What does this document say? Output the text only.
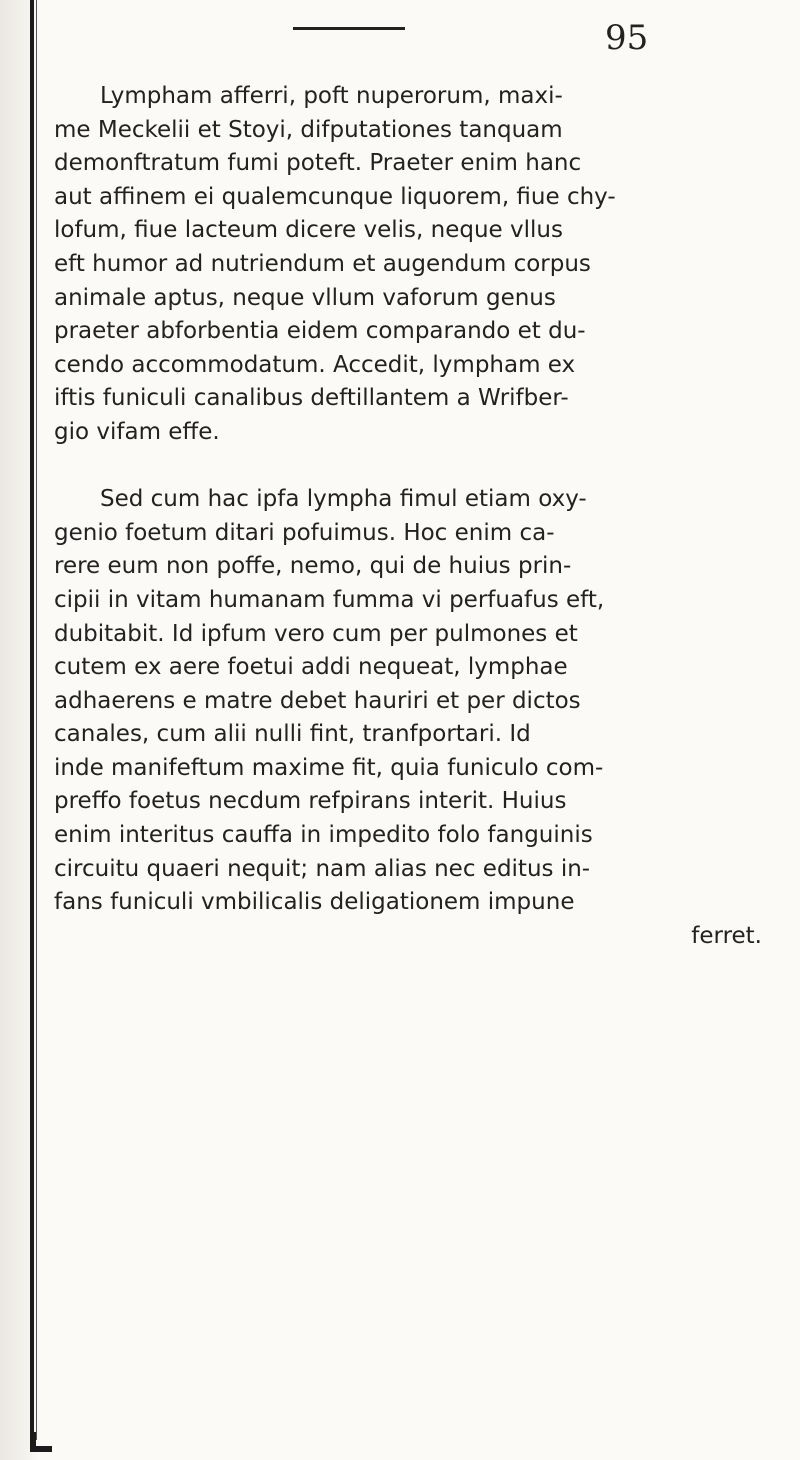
95
Lympham afferri, poft nuperorum, maxi-
me Meckelii et Stoyi, difputationes tanquam
demonftratum fumi poteft. Praeter enim hanc
aut affinem ei qualemcunque liquorem, fiue chy-
lofum, fiue lacteum dicere velis, neque vllus
eft humor ad nutriendum et augendum corpus
animale aptus, neque vllum vaforum genus
praeter abforbentia eidem comparando et du-
cendo accommodatum. Accedit, lympham ex
iftis funiculi canalibus deftillantem a Wrifber-
gio vifam effe.
Sed cum hac ipfa lympha fimul etiam oxy-
genio foetum ditari pofuimus. Hoc enim ca-
rere eum non poffe, nemo, qui de huius prin-
cipii in vitam humanam fumma vi perfuafus eft,
dubitabit. Id ipfum vero cum per pulmones et
cutem ex aere foetui addi nequeat, lymphae
adhaerens e matre debet hauriri et per dictos
canales, cum alii nulli fint, tranfportari. Id
inde manifeftum maxime fit, quia funiculo com-
preffo foetus necdum refpirans interit. Huius
enim interitus cauffa in impedito folo fanguinis
circuitu quaeri nequit; nam alias nec editus in-
fans funiculi vmbilicalis deligationem impune
ferret.
